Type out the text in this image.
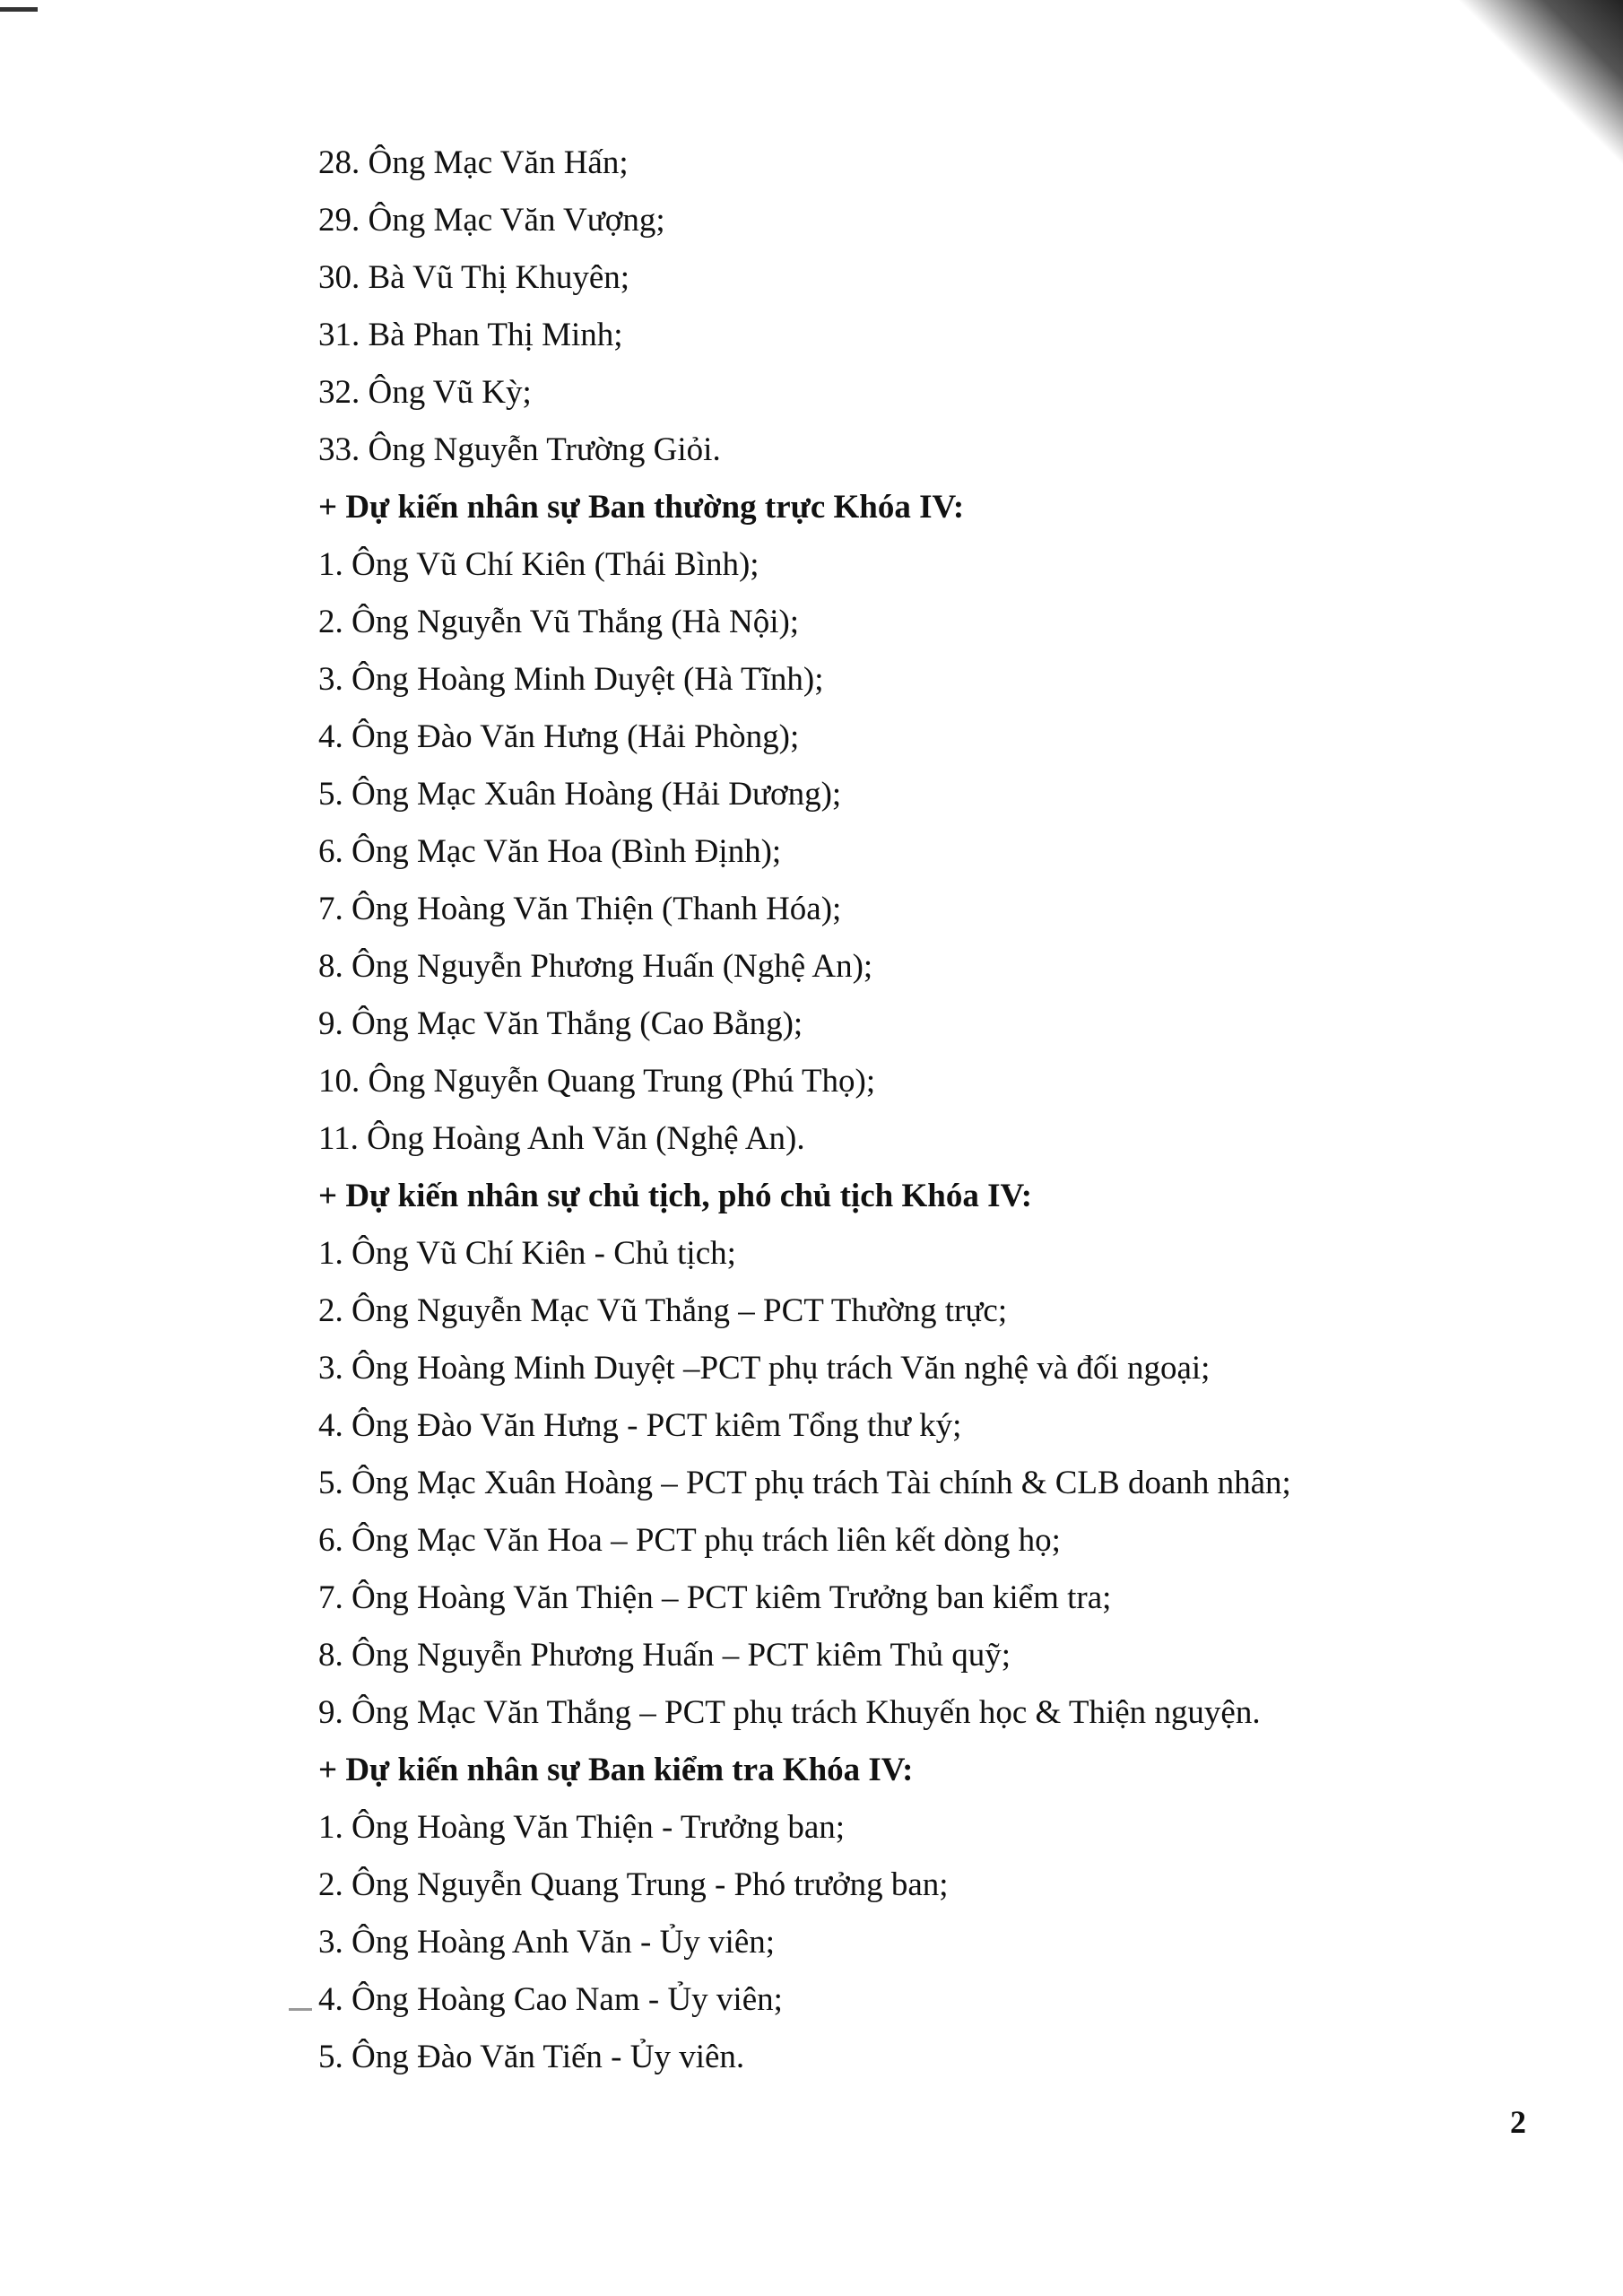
28. Ông Mạc Văn Hấn;
29. Ông Mạc Văn Vượng;
30. Bà Vũ Thị Khuyên;
31. Bà Phan Thị Minh;
32. Ông Vũ Kỳ;
33. Ông Nguyễn Trường Giỏi.
+ Dự kiến nhân sự Ban thường trực Khóa IV:
1. Ông Vũ Chí Kiên (Thái Bình);
2. Ông Nguyễn Vũ Thắng (Hà Nội);
3. Ông Hoàng Minh Duyệt (Hà Tĩnh);
4. Ông Đào Văn Hưng (Hải Phòng);
5. Ông Mạc Xuân Hoàng (Hải Dương);
6. Ông Mạc Văn Hoa (Bình Định);
7. Ông Hoàng Văn Thiện (Thanh Hóa);
8. Ông Nguyễn Phương Huấn (Nghệ An);
9. Ông Mạc Văn Thắng (Cao Bằng);
10. Ông Nguyễn Quang Trung (Phú Thọ);
11. Ông Hoàng Anh Văn (Nghệ An).
+ Dự kiến nhân sự chủ tịch, phó chủ tịch Khóa IV:
1. Ông Vũ Chí Kiên - Chủ tịch;
2. Ông Nguyễn Mạc Vũ Thắng – PCT Thường trực;
3. Ông Hoàng Minh Duyệt –PCT phụ trách Văn nghệ và đối ngoại;
4. Ông Đào Văn Hưng - PCT kiêm Tổng thư ký;
5. Ông Mạc Xuân Hoàng – PCT phụ trách Tài chính & CLB doanh nhân;
6. Ông Mạc Văn Hoa – PCT phụ trách liên kết dòng họ;
7. Ông Hoàng Văn Thiện – PCT kiêm Trưởng ban kiểm tra;
8. Ông Nguyễn Phương Huấn – PCT kiêm Thủ quỹ;
9. Ông Mạc Văn Thắng – PCT phụ trách Khuyến học & Thiện nguyện.
+ Dự kiến nhân sự Ban kiểm tra Khóa IV:
1. Ông Hoàng Văn Thiện - Trưởng ban;
2. Ông Nguyễn Quang Trung - Phó trưởng ban;
3. Ông Hoàng Anh Văn - Ủy viên;
4. Ông Hoàng Cao Nam - Ủy viên;
5. Ông Đào Văn Tiến - Ủy viên.
2
